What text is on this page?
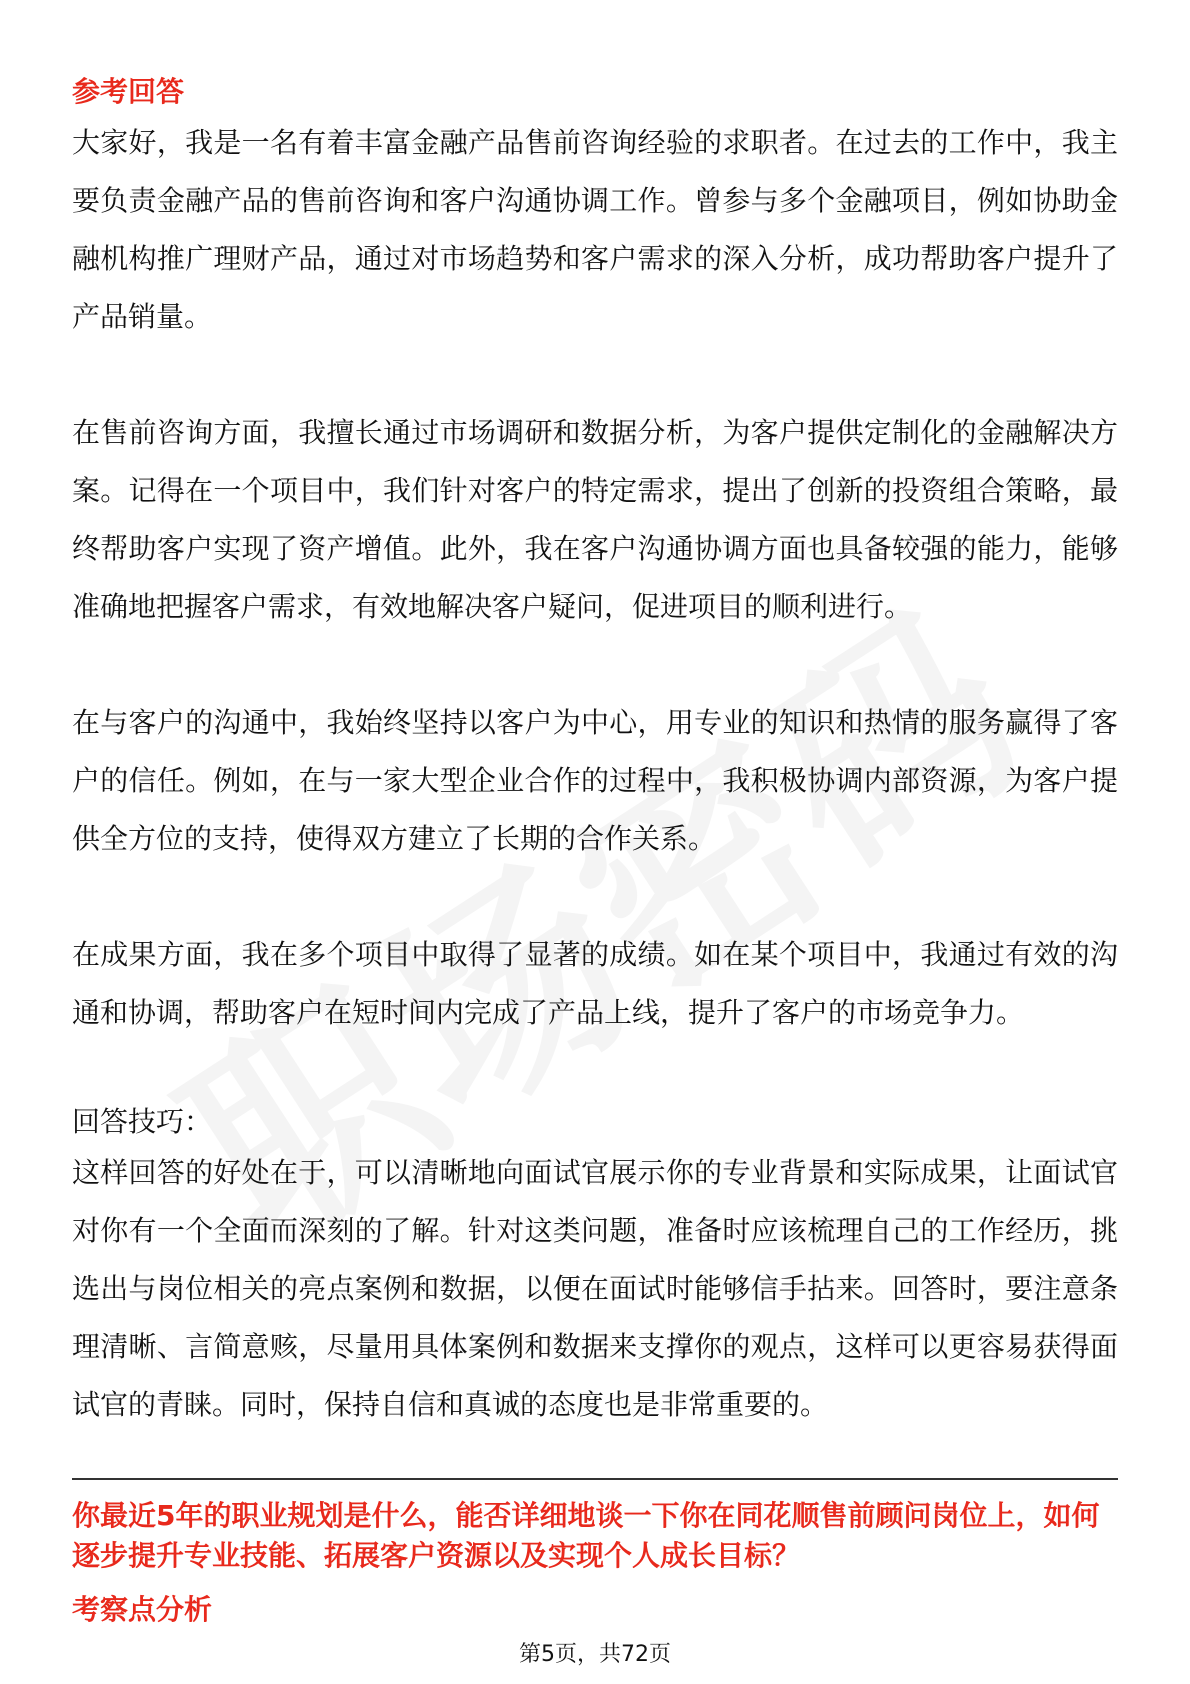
参考回答

大家好，我是一名有着丰富金融产品售前咨询经验的求职者。在过去的工作中，我主要负责金融产品的售前咨询和客户沟通协调工作。曾参与多个金融项目，例如协助金融机构推广理财产品，通过对市场趋势和客户需求的深入分析，成功帮助客户提升了产品销量。

在售前咨询方面，我擅长通过市场调研和数据分析，为客户提供定制化的金融解决方案。记得在一个项目中，我们针对客户的特定需求，提出了创新的投资组合策略，最终帮助客户实现了资产增值。此外，我在客户沟通协调方面也具备较强的能力，能够准确地把握客户需求，有效地解决客户疑问，促进项目的顺利进行。

在与客户的沟通中，我始终坚持以客户为中心，用专业的知识和热情的服务赢得了客户的信任。例如，在与一家大型企业合作的过程中，我积极协调内部资源，为客户提供全方位的支持，使得双方建立了长期的合作关系。

在成果方面，我在多个项目中取得了显著的成绩。如在某个项目中，我通过有效的沟通和协调，帮助客户在短时间内完成了产品上线，提升了客户的市场竞争力。

回答技巧：

这样回答的好处在于，可以清晰地向面试官展示你的专业背景和实际成果，让面试官对你有一个全面而深刻的了解。针对这类问题，准备时应该梳理自己的工作经历，挑选出与岗位相关的亮点案例和数据，以便在面试时能够信手拈来。回答时，要注意条理清晰、言简意赅，尽量用具体案例和数据来支撑你的观点，这样可以更容易获得面试官的青睐。同时，保持自信和真诚的态度也是非常重要的。

你最近5年的职业规划是什么，能否详细地谈一下你在同花顺售前顾问岗位上，如何逐步提升专业技能、拓展客户资源以及实现个人成长目标？

考察点分析

第5页，共72页
